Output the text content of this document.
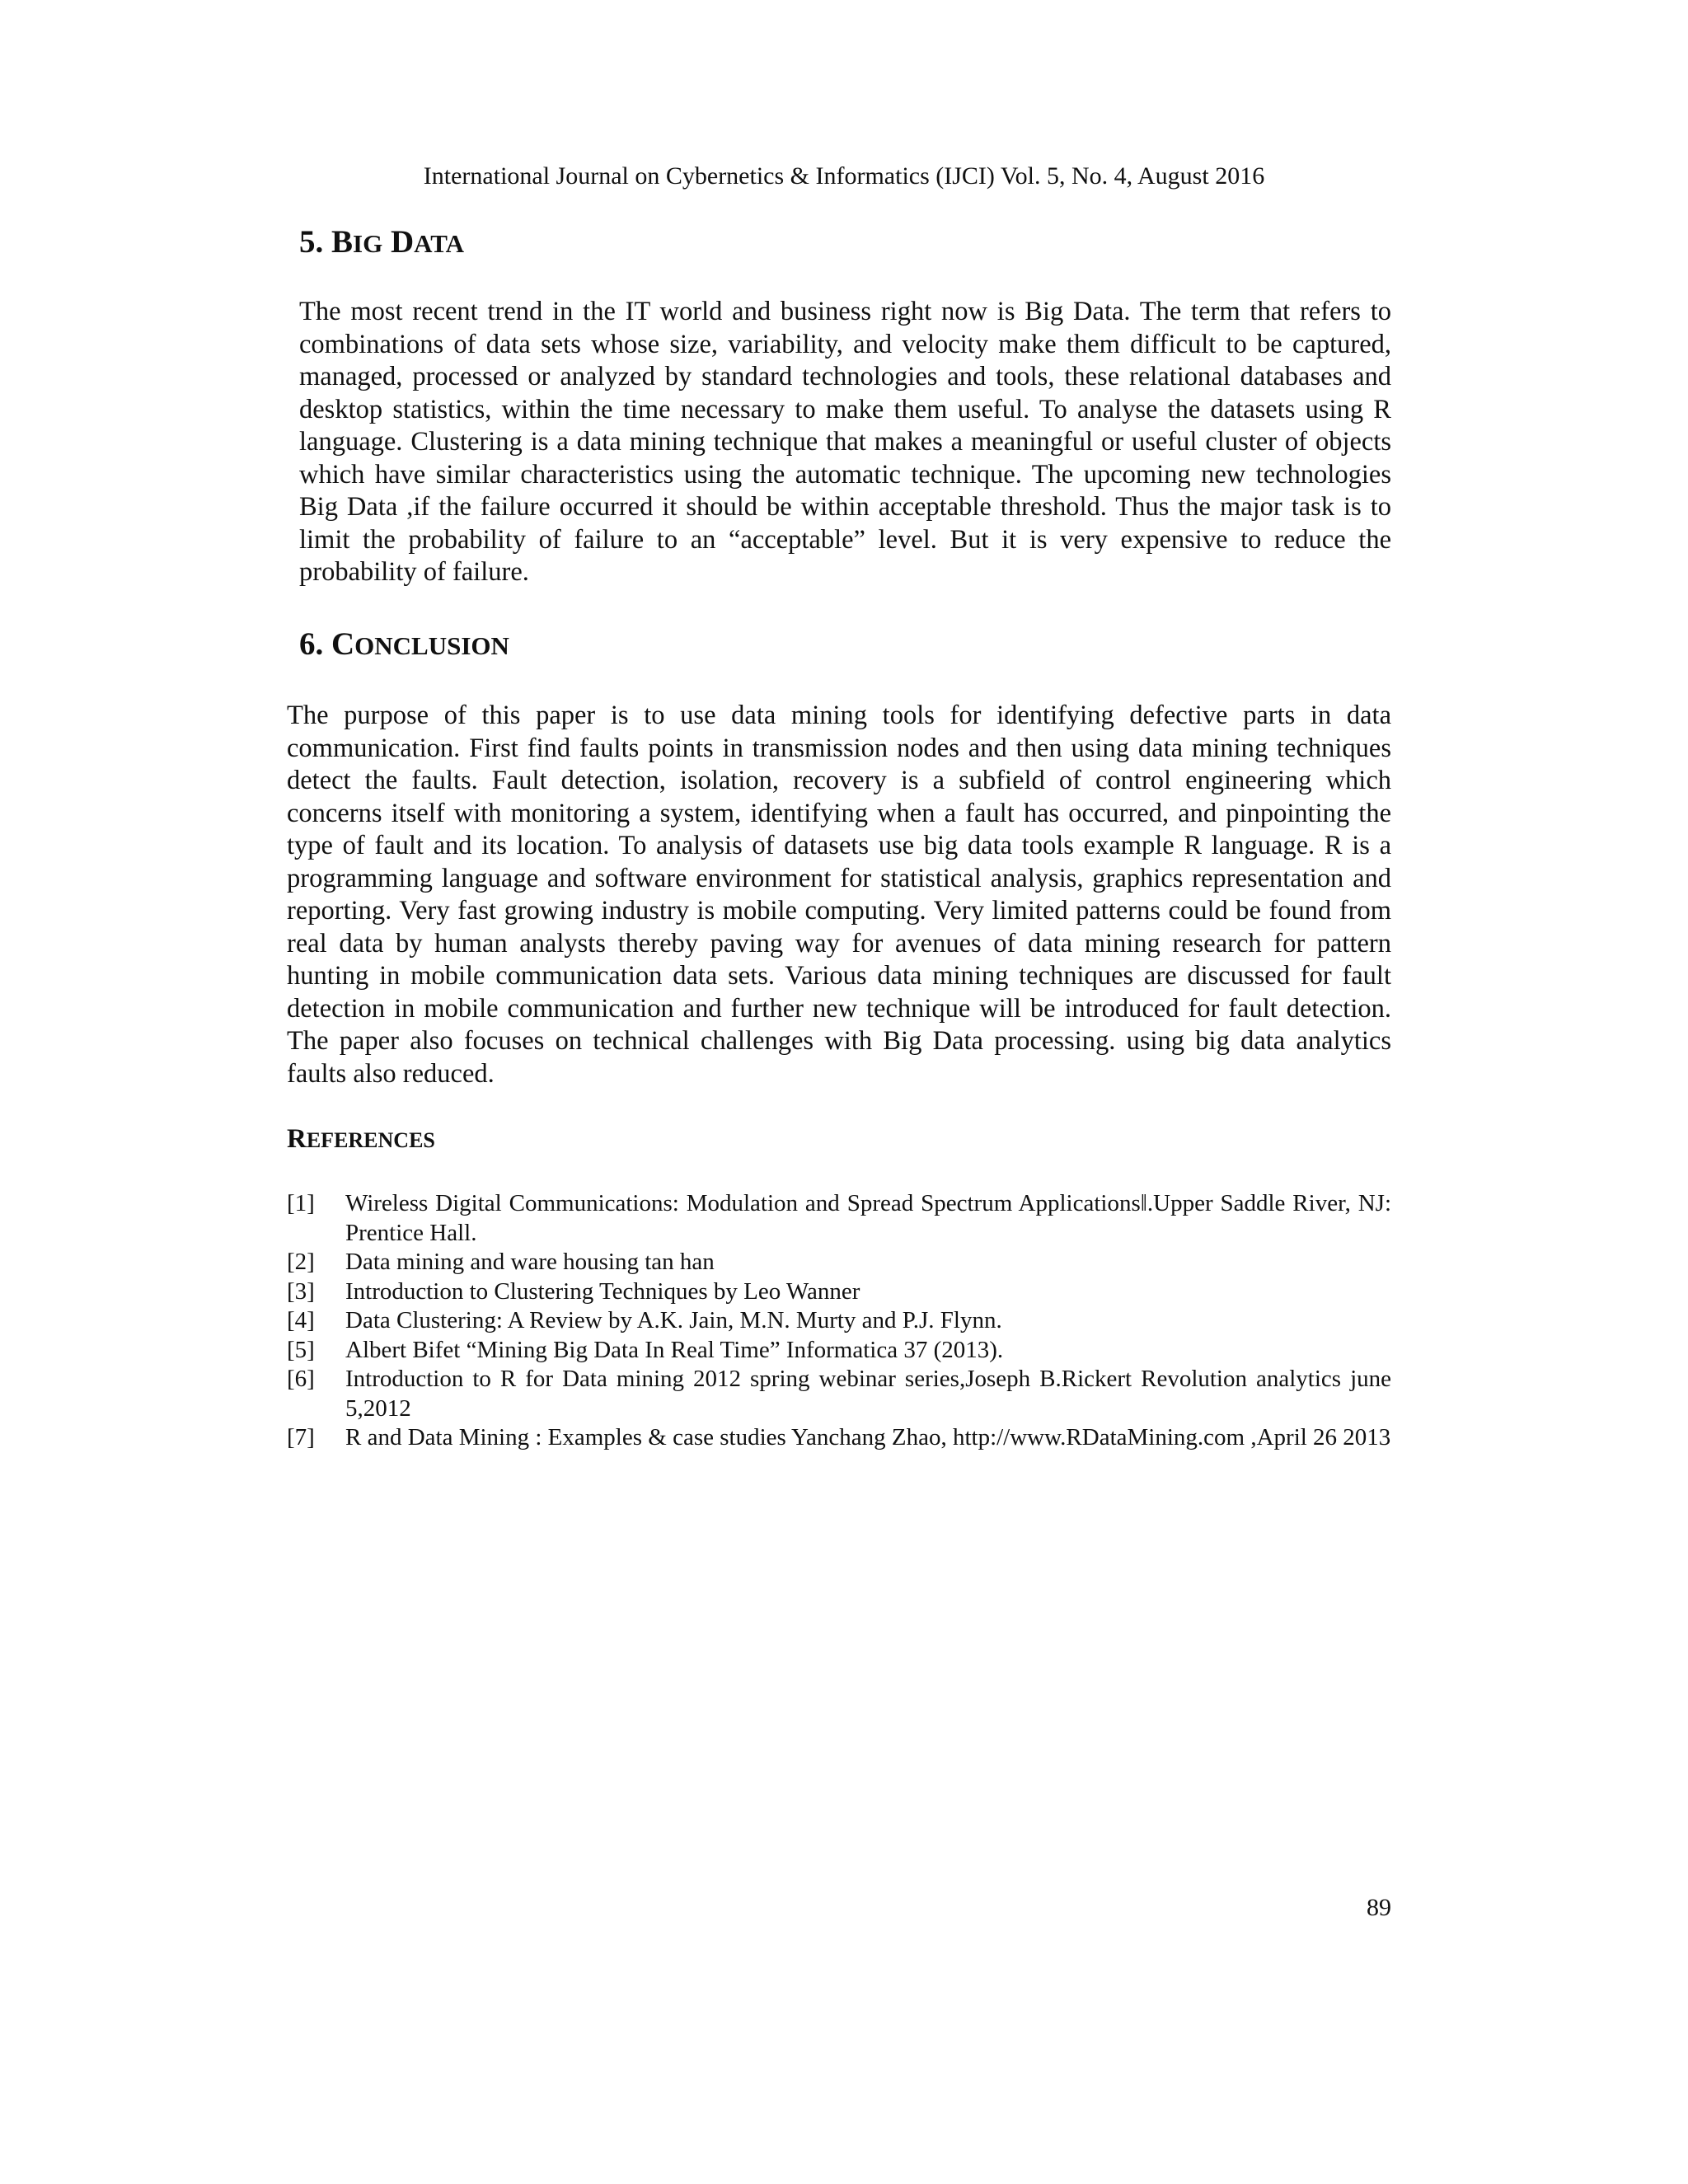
International Journal on Cybernetics & Informatics (IJCI) Vol. 5, No. 4, August 2016
5. BIG DATA

The most recent trend in the IT world and business right now is Big Data. The term that refers to combinations of data sets whose size, variability, and velocity make them difficult to be captured, managed, processed or analyzed by standard technologies and tools, these relational databases and desktop statistics, within the time necessary to make them useful. To analyse the datasets using R language. Clustering is a data mining technique that makes a meaningful or useful cluster of objects which have similar characteristics using the automatic technique. The upcoming new technologies Big Data ,if the failure occurred it should be within acceptable threshold. Thus the major task is to limit the probability of failure to an “acceptable” level. But it is very expensive to reduce the probability of failure.

6. CONCLUSION

The purpose of this paper is to use data mining tools for identifying defective parts in data communication. First find faults points in transmission nodes and then using data mining techniques detect the faults. Fault detection, isolation, recovery is a subfield of control engineering which concerns itself with monitoring a system, identifying when a fault has occurred, and pinpointing the type of fault and its location. To analysis of datasets use big data tools example R language. R is a programming language and software environment for statistical analysis, graphics representation and reporting. Very fast growing industry is mobile computing. Very limited patterns could be found from real data by human analysts thereby paving way for avenues of data mining research for pattern hunting in mobile communication data sets. Various data mining techniques are discussed for fault detection in mobile communication and further new technique will be introduced for fault detection. The paper also focuses on technical challenges with Big Data processing. using big data analytics faults also reduced.

REFERENCES
[1]	Wireless Digital Communications: Modulation and Spread Spectrum Applications‖.Upper Saddle River, NJ: Prentice Hall.
[2]	Data mining and ware housing tan han
[3]	Introduction to Clustering Techniques by Leo Wanner
[4]	Data Clustering: A Review by A.K. Jain, M.N. Murty and P.J. Flynn.
[5]	Albert Bifet “Mining Big Data In Real Time” Informatica 37 (2013).
[6]	Introduction to R for Data mining 2012 spring webinar series,Joseph B.Rickert Revolution analytics june 5,2012
[7]	R and Data Mining : Examples & case studies Yanchang Zhao, http://www.RDataMining.com ,April 26 2013
89
